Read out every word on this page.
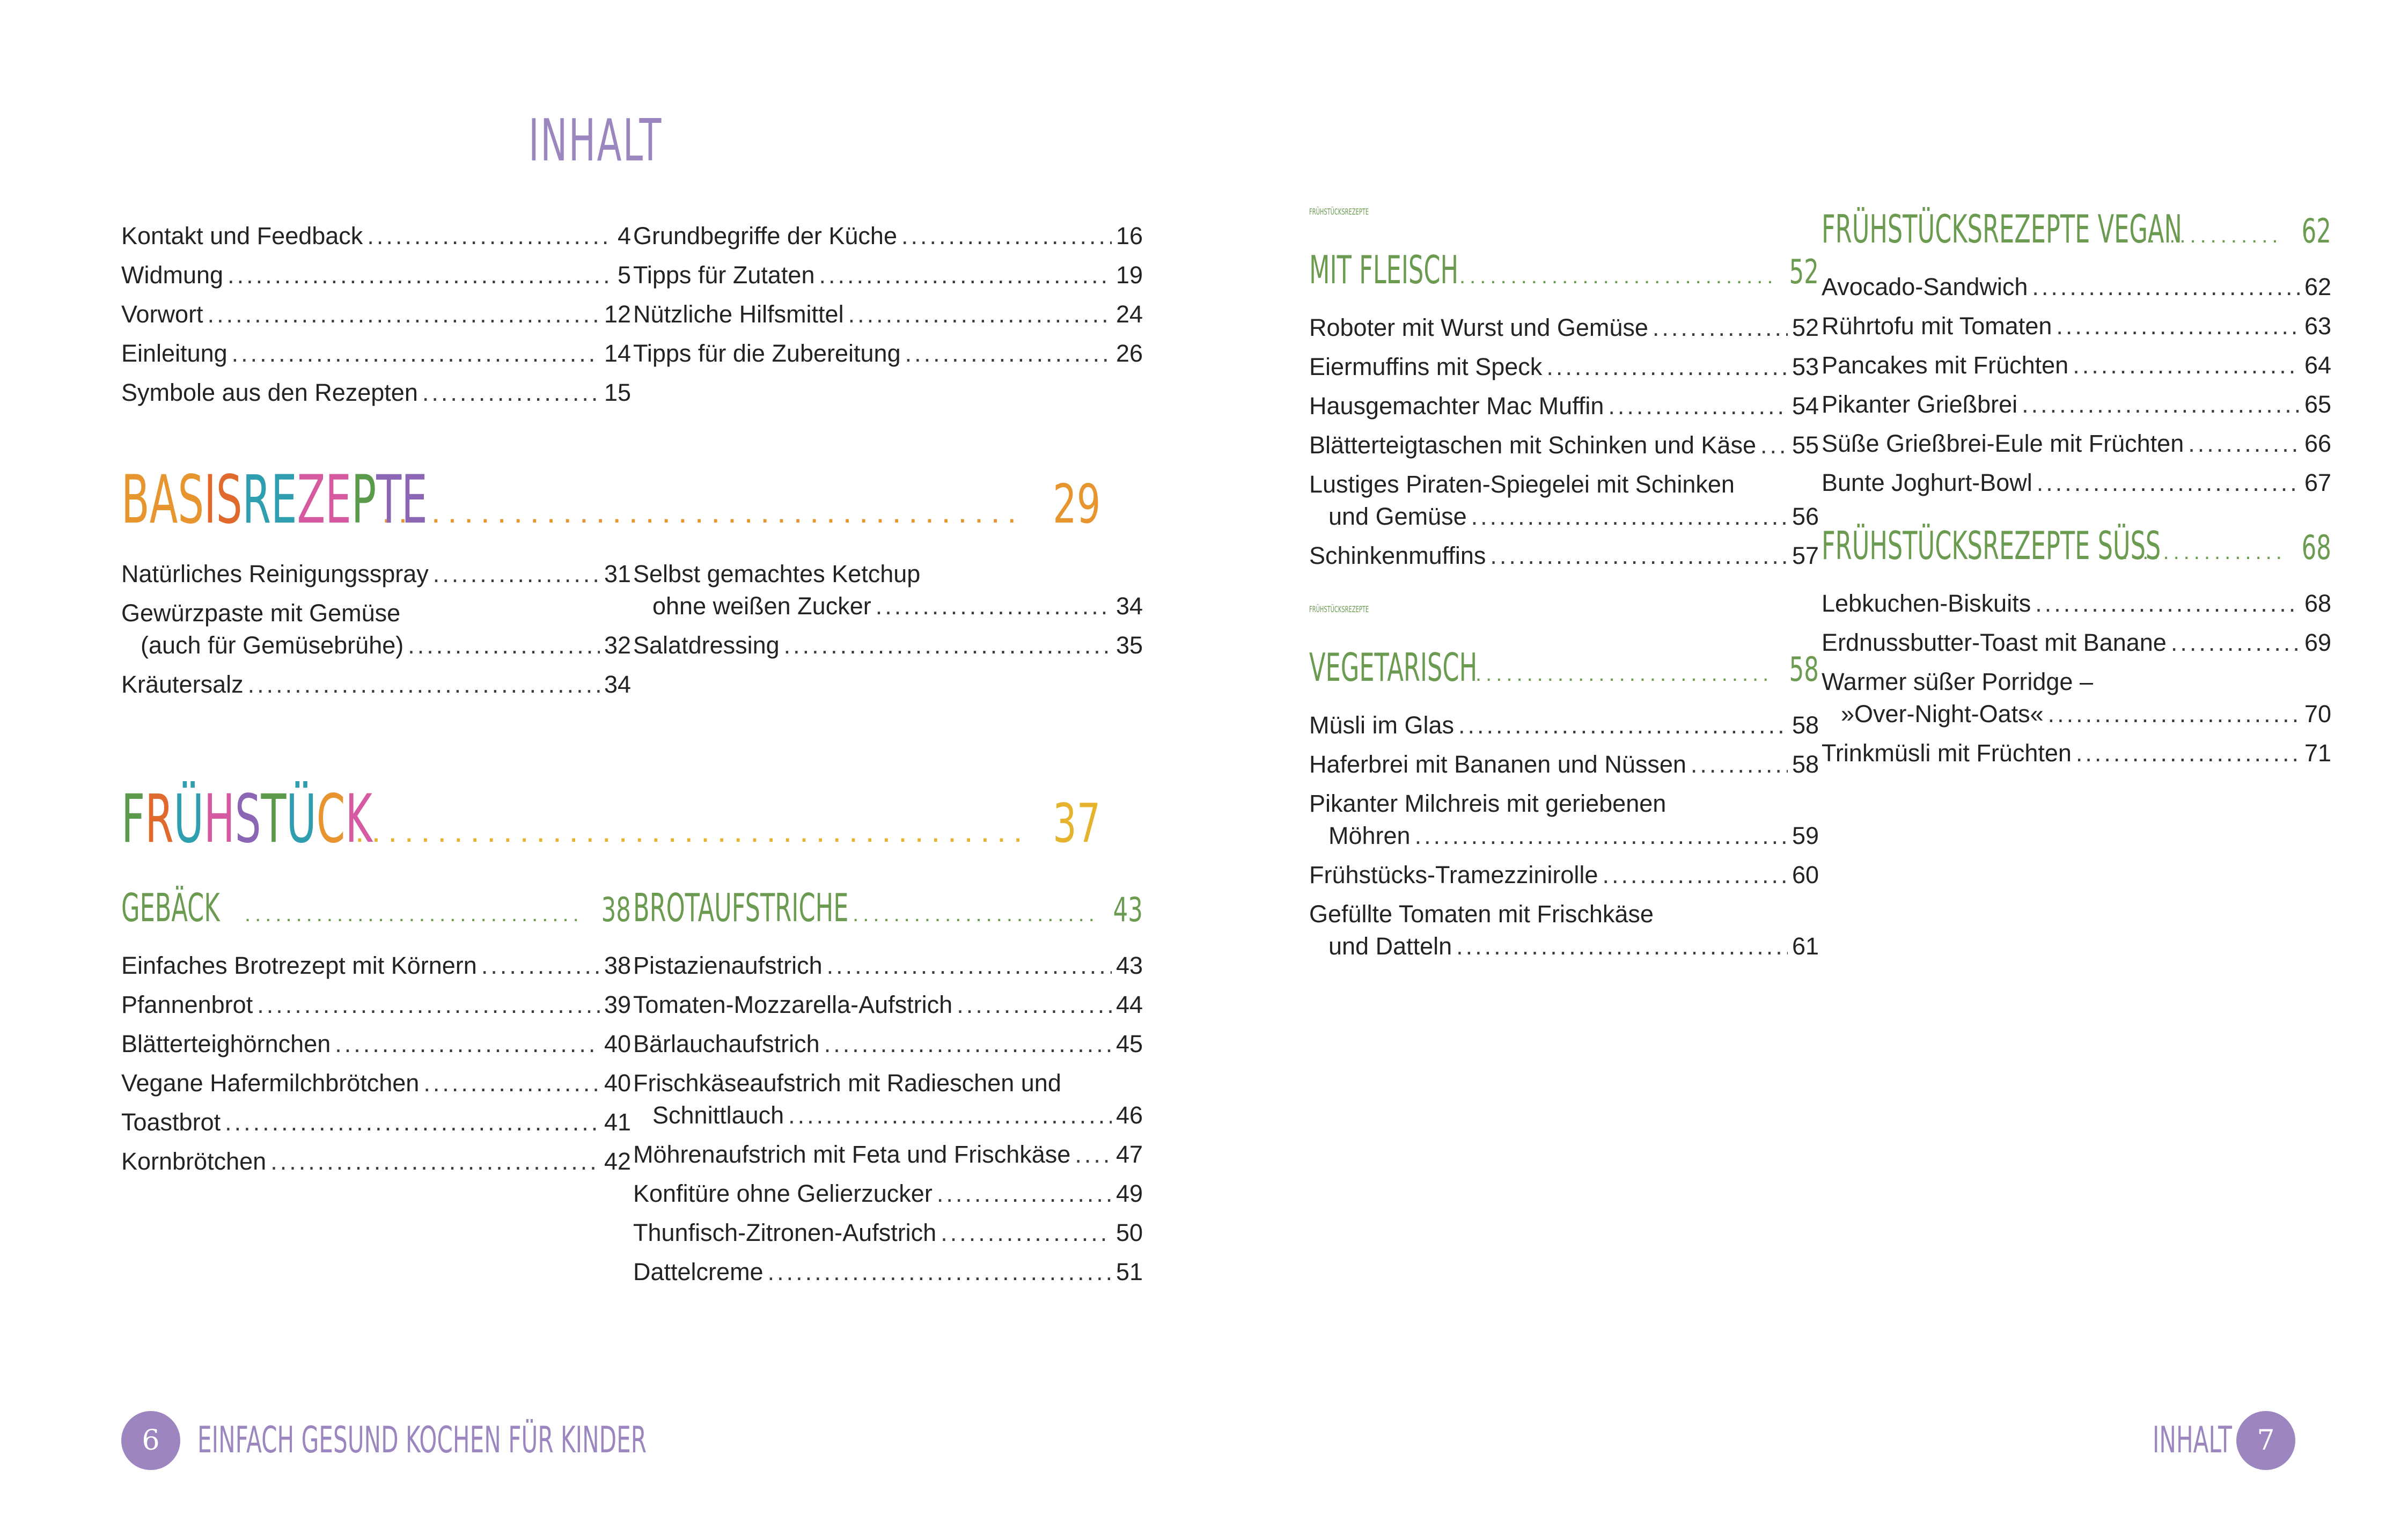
INHALT
Kontakt und Feedback .....	4
Widmung .....	5
Vorwort .....	12
Einleitung .....	14
Symbole aus den Rezepten .....	15
Grundbegriffe der Küche .....	16
Tipps für Zutaten .....	19
Nützliche Hilfsmittel .....	24
Tipps für die Zubereitung .....	26
BASISREZEPTE .....	29
Natürliches Reinigungsspray .....	31
Gewürzpaste mit Gemüse
(auch für Gemüsebrühe) .....	32
Kräutersalz .....	34
Selbst gemachtes Ketchup
ohne weißen Zucker .....	34
Salatdressing .....	35
FRÜHSTÜCK .....	37
GEBÄCK .....	38
Einfaches Brotrezept mit Körnern .....	38
Pfannenbrot .....	39
Blätterteighörnchen .....	40
Vegane Hafermilchbrötchen .....	40
Toastbrot .....	41
Kornbrötchen .....	42
BROTAUFSTRICHE .....	43
Pistazienaufstrich .....	43
Tomaten-Mozzarella-Aufstrich .....	44
Bärlauchaufstrich .....	45
Frischkäseaufstrich mit Radieschen und
Schnittlauch .....	46
Möhrenaufstrich mit Feta und Frischkäse ..... 47
Konfitüre ohne Gelierzucker .....	49
Thunfisch-Zitronen-Aufstrich .....	50
Dattelcreme .....	51
FRÜHSTÜCKSREZEPTE
MIT FLEISCH .....	52
Roboter mit Wurst und Gemüse .....	52
Eiermuffins mit Speck .....	53
Hausgemachter Mac Muffin .....	54
Blätterteigtaschen mit Schinken und Käse ..... 55
Lustiges Piraten-Spiegelei mit Schinken
und Gemüse .....	56
Schinkenmuffins .....	57
FRÜHSTÜCKSREZEPTE
VEGETARISCH .....	58
Müsli im Glas .....	58
Haferbrei mit Bananen und Nüssen .....	58
Pikanter Milchreis mit geriebenen
Möhren .....	59
Frühstücks-Tramezzinirolle .....	60
Gefüllte Tomaten mit Frischkäse
und Datteln .....	61
FRÜHSTÜCKSREZEPTE VEGAN .....	62
Avocado-Sandwich .....	62
Rührtofu mit Tomaten .....	63
Pancakes mit Früchten .....	64
Pikanter Grießbrei .....	65
Süße Grießbrei-Eule mit Früchten .....	66
Bunte Joghurt-Bowl .....	67
FRÜHSTÜCKSREZEPTE SÜSS .....	68
Lebkuchen-Biskuits .....	68
Erdnussbutter-Toast mit Banane .....	69
Warmer süßer Porridge –
»Over-Night-Oats« .....	70
Trinkmüsli mit Früchten .....	71
6	EINFACH GESUND KOCHEN FÜR KINDER	INHALT 7
